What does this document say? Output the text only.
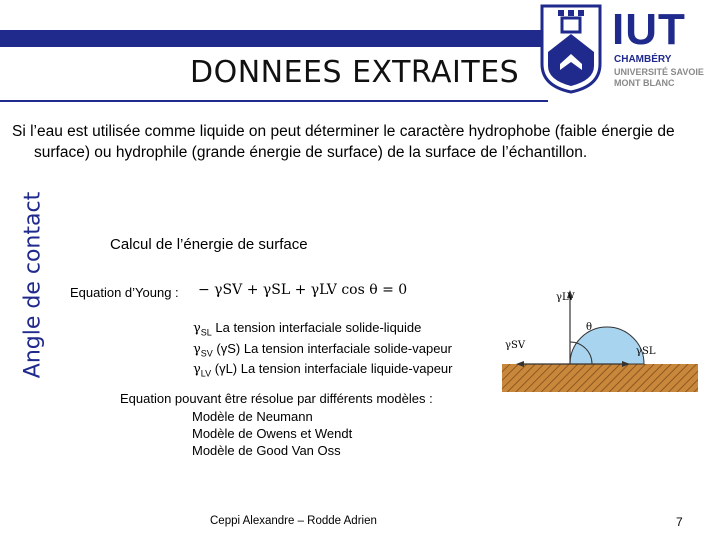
DONNEES EXTRAITES
IUT
CHAMBÉRY
UNIVERSITÉ SAVOIE MONT BLANC
Angle de contact
Si l’eau est utilisée comme liquide on peut déterminer le caractère hydrophobe (faible énergie de surface) ou hydrophile (grande énergie de surface) de la surface de l’échantillon.
Calcul de l’énergie de surface
Equation d’Young : − γSV + γSL + γLV cos θ = 0
$\gamma_{SL}$ La tension interfaciale solide-liquide
$\gamma_{SV}$ (γS) La tension interfaciale solide-vapeur
$\gamma_{LV}$ (γL) La tension interfaciale liquide-vapeur
γLV
γSV
γSL
θ
Equation pouvant être résolue par différents modèles :
Modèle de Neumann
Modèle de Owens et Wendt
Modèle de Good Van Oss
Ceppi Alexandre – Rodde Adrien	7
